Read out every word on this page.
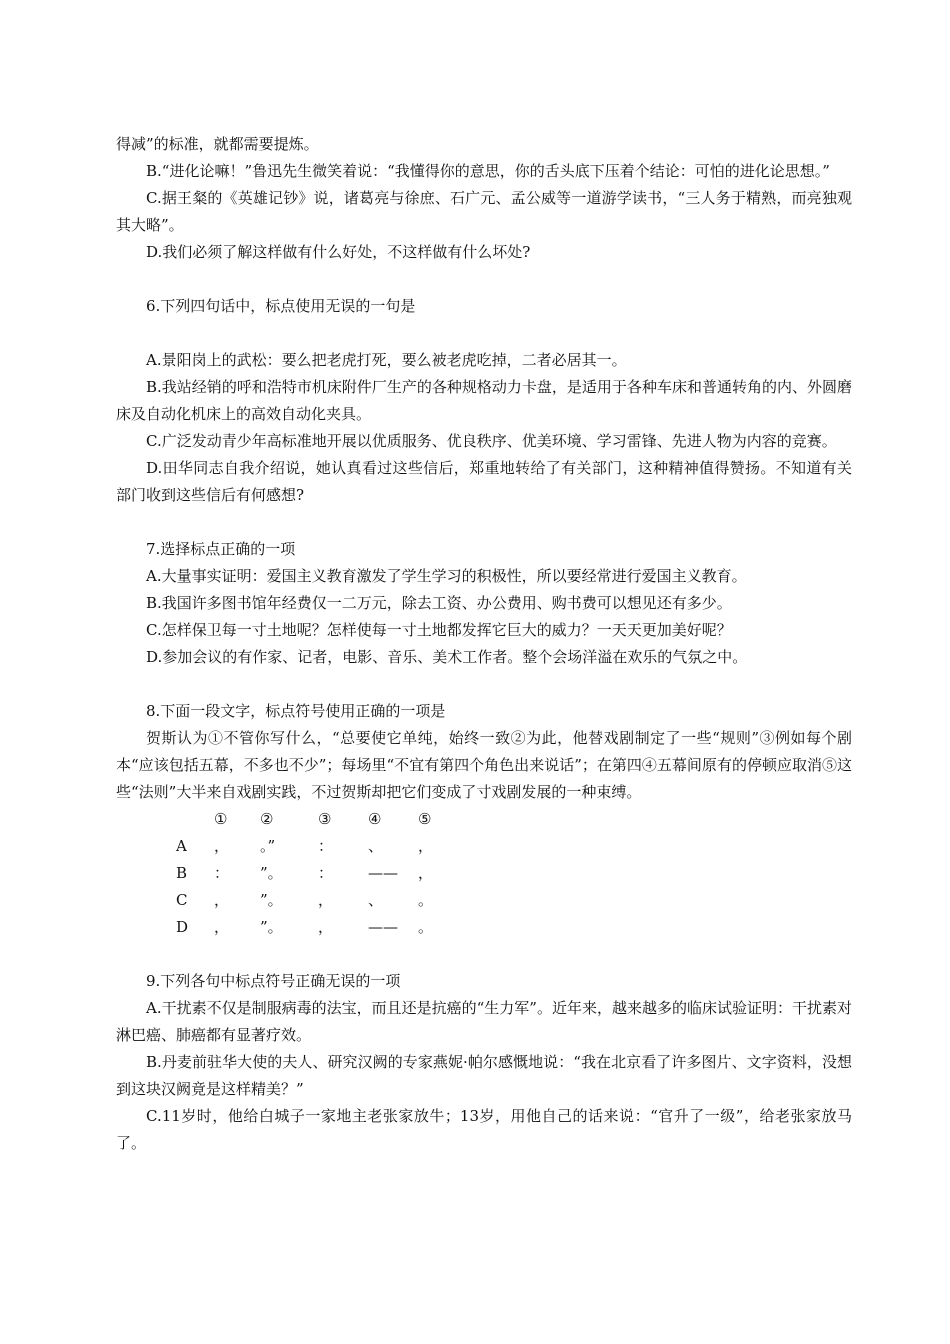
得减”的标准，就都需要提炼。

B.“进化论嘛！”鲁迅先生微笑着说：“我懂得你的意思，你的舌头底下压着个结论：可怕的进化论思想。”

C.据王粲的《英雄记钞》说，诸葛亮与徐庶、石广元、孟公威等一道游学读书，“三人务于精熟，而亮独观其大略”。

D.我们必须了解这样做有什么好处，不这样做有什么坏处?

6.下列四句话中，标点使用无误的一句是

A.景阳岗上的武松：要么把老虎打死，要么被老虎吃掉，二者必居其一。

B.我站经销的呼和浩特市机床附件厂生产的各种规格动力卡盘，是适用于各种车床和普通转角的内、外圆磨床及自动化机床上的高效自动化夹具。

C.广泛发动青少年高标准地开展以优质服务、优良秩序、优美环境、学习雷锋、先进人物为内容的竞赛。

D.田华同志自我介绍说，她认真看过这些信后，郑重地转给了有关部门，这种精神值得赞扬。不知道有关部门收到这些信后有何感想?

7.选择标点正确的一项

A.大量事实证明：爱国主义教育激发了学生学习的积极性，所以要经常进行爱国主义教育。

B.我国许多图书馆年经费仅一二万元，除去工资、办公费用、购书费可以想见还有多少。

C.怎样保卫每一寸土地呢？怎样使每一寸土地都发挥它巨大的威力？一天天更加美好呢？

D.参加会议的有作家、记者，电影、音乐、美术工作者。整个会场洋溢在欢乐的气氛之中。

8.下面一段文字，标点符号使用正确的一项是

贺斯认为①不管你写什么，“总要使它单纯，始终一致②为此，他替戏剧制定了一些“规则”③例如每个剧本“应该包括五幕，不多也不少”；每场里“不宜有第四个角色出来说话”；在第四④五幕间原有的停顿应取消⑤这些“法则”大半来自戏剧实践，不过贺斯却把它们变成了寸戏剧发展的一种束缚。

	①	②	③	④	⑤
A	，	。”	：	、	，
B	：	”。	：	——	，
C	，	”。	，	、	。
D	，	”。	，	——	。

9.下列各句中标点符号正确无误的一项

A.干扰素不仅是制服病毒的法宝，而且还是抗癌的“生力军”。近年来，越来越多的临床试验证明：干扰素对淋巴癌、肺癌都有显著疗效。

B.丹麦前驻华大使的夫人、研究汉阙的专家燕妮·帕尔感慨地说：“我在北京看了许多图片、文字资料，没想到这块汉阙竟是这样精美？”

C.11岁时，他给白城子一家地主老张家放牛；13岁，用他自己的话来说：“官升了一级”，给老张家放马了。
